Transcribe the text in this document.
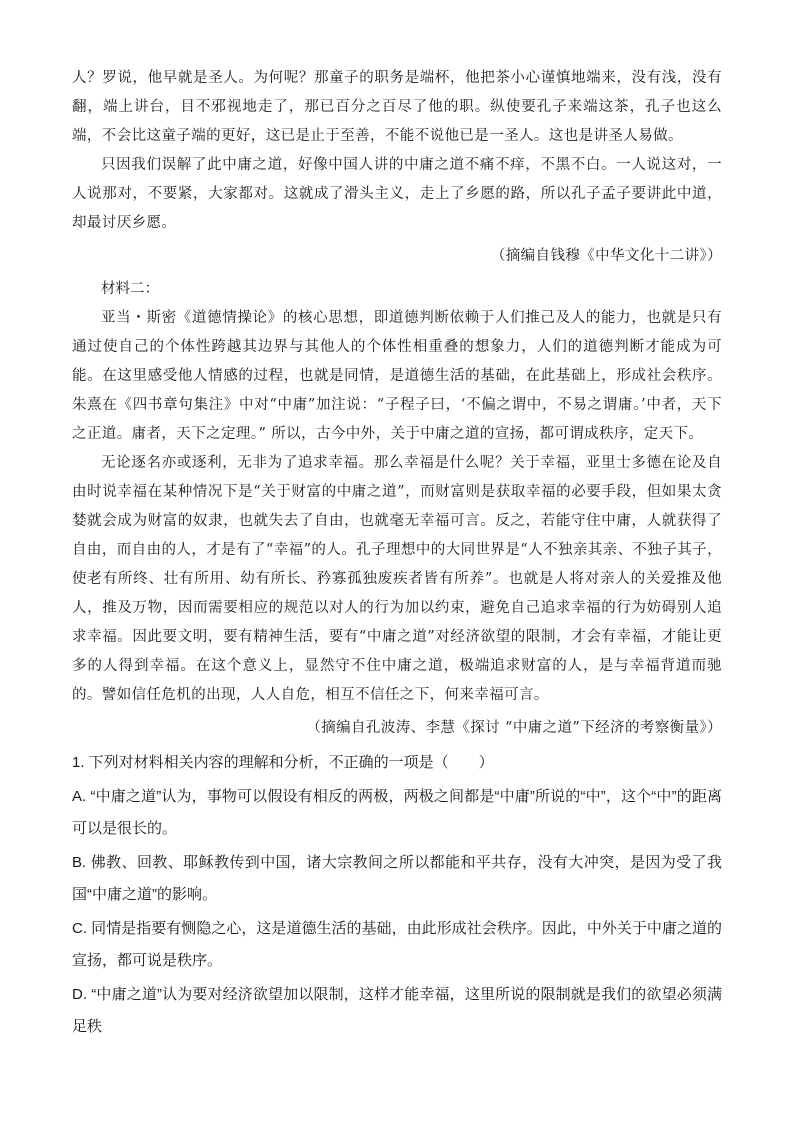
人？罗说，他早就是圣人。为何呢？那童子的职务是端杯，他把茶小心谨慎地端来，没有浅，没有翻，端上讲台，目不邪视地走了，那已百分之百尽了他的职。纵使要孔子来端这茶，孔子也这么端，不会比这童子端的更好，这已是止于至善，不能不说他已是一圣人。这也是讲圣人易做。

只因我们误解了此中庸之道，好像中国人讲的中庸之道不痛不痒，不黑不白。一人说这对，一人说那对，不要紧，大家都对。这就成了滑头主义，走上了乡愿的路，所以孔子孟子要讲此中道，却最讨厌乡愿。

（摘编自钱穆《中华文化十二讲》）

材料二：

亚当・斯密《道德情操论》的核心思想，即道德判断依赖于人们推己及人的能力，也就是只有通过使自己的个体性跨越其边界与其他人的个体性相重叠的想象力，人们的道德判断才能成为可能。在这里感受他人情感的过程，也就是同情，是道德生活的基础，在此基础上，形成社会秩序。朱熹在《四书章句集注》中对“中庸”加注说：“子程子曰，‘不偏之谓中，不易之谓庸。’中者，天下之正道。庸者，天下之定理。” 所以，古今中外，关于中庸之道的宣扬，都可谓成秩序，定天下。

无论逐名亦或逐利，无非为了追求幸福。那么幸福是什么呢？关于幸福，亚里士多德在论及自由时说幸福在某种情况下是“关于财富的中庸之道”，而财富则是获取幸福的必要手段，但如果太贪婪就会成为财富的奴隶，也就失去了自由，也就毫无幸福可言。反之，若能守住中庸，人就获得了自由，而自由的人，才是有了“幸福”的人。孔子理想中的大同世界是“人不独亲其亲、不独子其子，使老有所终、壮有所用、幼有所长、矜寡孤独废疾者皆有所养”。也就是人将对亲人的关爱推及他人，推及万物，因而需要相应的规范以对人的行为加以约束，避免自己追求幸福的行为妨碍别人追求幸福。因此要文明，要有精神生活，要有“中庸之道”对经济欲望的限制，才会有幸福，才能让更多的人得到幸福。在这个意义上，显然守不住中庸之道，极端追求财富的人，是与幸福背道而驰的。譬如信任危机的出现，人人自危，相互不信任之下，何来幸福可言。

（摘编自孔波涛、李慧《探讨 “中庸之道”下经济的考察衡量》）

1. 下列对材料相关内容的理解和分析，不正确的一项是（　　）

A. “中庸之道”认为，事物可以假设有相反的两极，两极之间都是“中庸”所说的“中”，这个“中”的距离可以是很长的。

B. 佛教、回教、耶稣教传到中国，诸大宗教间之所以都能和平共存，没有大冲突，是因为受了我国“中庸之道”的影响。

C. 同情是指要有恻隐之心，这是道德生活的基础，由此形成社会秩序。因此，中外关于中庸之道的宣扬，都可说是秩序。

D. “中庸之道”认为要对经济欲望加以限制，这样才能幸福，这里所说的限制就是我们的欲望必须满足秩
